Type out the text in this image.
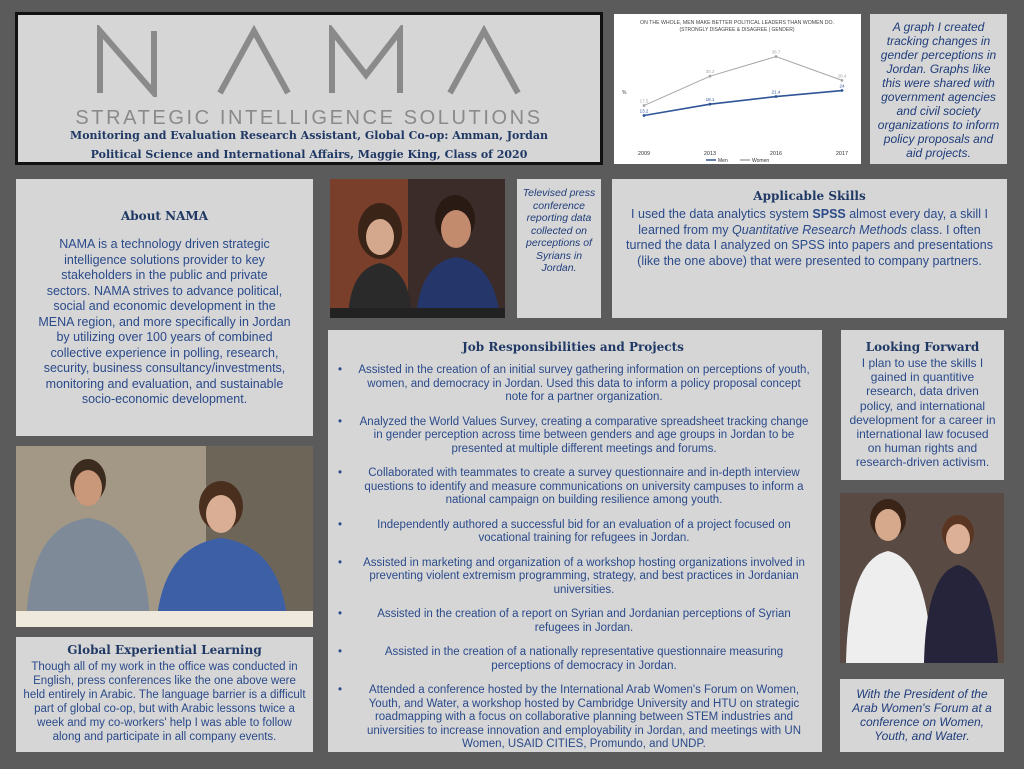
STRATEGIC INTELLIGENCE SOLUTIONS
Monitoring and Evaluation Research Assistant, Global Co-op: Amman, Jordan
Political Science and International Affairs, Maggie King, Class of 2020
ON THE WHOLE, MEN MAKE BETTER POLITICAL LEADERS THAN WOMEN DO.
(STRONGLY DISAGREE & DISAGREE | GENDER)
%
2009	2013	2016	2017
13.2
18.1
21.4
24
17.5
30.2
38.7
28.4
Men	Women
A graph I created tracking changes in gender perceptions in Jordan. Graphs like this were shared with government agencies and civil society organizations to inform policy proposals and aid projects.
About NAMA

NAMA is a technology driven strategic intelligence solutions provider to key stakeholders in the public and private sectors. NAMA strives to advance political, social and economic development in the MENA region, and more specifically in Jordan by utilizing over 100 years of combined collective experience in polling, research, security, business consultancy/investments, monitoring and evaluation, and sustainable socio-economic development.

Televised press conference reporting data collected on perceptions of Syrians in Jordan.
Applicable Skills

I used the data analytics system SPSS almost every day, a skill I learned from my Quantitative Research Methods class. I often turned the data I analyzed on SPSS into papers and presentations (like the one above) that were presented to company partners.

Job Responsibilities and Projects
• Assisted in the creation of an initial survey gathering information on perceptions of youth, women, and democracy in Jordan. Used this data to inform a policy proposal concept note for a partner organization.
• Analyzed the World Values Survey, creating a comparative spreadsheet tracking change in gender perception across time between genders and age groups in Jordan to be presented at multiple different meetings and forums.
• Collaborated with teammates to create a survey questionnaire and in-depth interview questions to identify and measure communications on university campuses to inform a national campaign on building resilience among youth.
• Independently authored a successful bid for an evaluation of a project focused on vocational training for refugees in Jordan.
• Assisted in marketing and organization of a workshop hosting organizations involved in preventing violent extremism programming, strategy, and best practices in Jordanian universities.
• Assisted in the creation of a report on Syrian and Jordanian perceptions of Syrian refugees in Jordan.
• Assisted in the creation of a nationally representative questionnaire measuring perceptions of democracy in Jordan.
• Attended a conference hosted by the International Arab Women's Forum on Women, Youth, and Water, a workshop hosted by Cambridge University and HTU on strategic roadmapping with a focus on collaborative planning between STEM industries and universities to increase innovation and employability in Jordan, and meetings with UN Women, USAID CITIES, Promundo, and UNDP.
Looking Forward

I plan to use the skills I gained in quantitive research, data driven policy, and international development for a career in international law focused on human rights and research-driven activism.

Global Experiential Learning

Though all of my work in the office was conducted in English, press conferences like the one above were held entirely in Arabic. The language barrier is a difficult part of global co-op, but with Arabic lessons twice a week and my co-workers' help I was able to follow along and participate in all company events.

With the President of the Arab Women's Forum at a conference on Women, Youth, and Water.
